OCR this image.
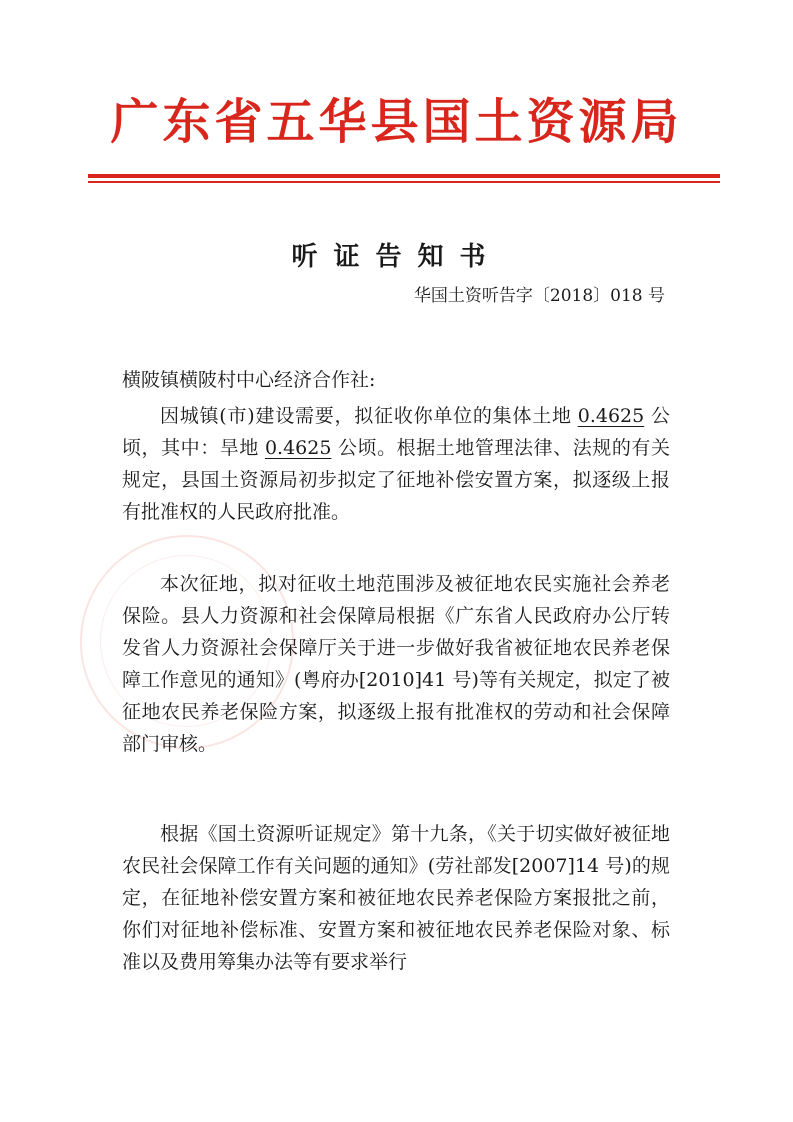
广东省五华县国土资源局
听证告知书
华国土资听告字〔2018〕018 号
横陂镇横陂村中心经济合作社:
因城镇(市)建设需要，拟征收你单位的集体土地 0.4625 公顷，其中：旱地 0.4625 公顷。根据土地管理法律、法规的有关规定，县国土资源局初步拟定了征地补偿安置方案，拟逐级上报有批准权的人民政府批准。
本次征地，拟对征收土地范围涉及被征地农民实施社会养老保险。县人力资源和社会保障局根据《广东省人民政府办公厅转发省人力资源社会保障厅关于进一步做好我省被征地农民养老保障工作意见的通知》(粤府办[2010]41 号)等有关规定，拟定了被征地农民养老保险方案，拟逐级上报有批准权的劳动和社会保障部门审核。
根据《国土资源听证规定》第十九条，《关于切实做好被征地农民社会保障工作有关问题的通知》(劳社部发[2007]14 号)的规定，在征地补偿安置方案和被征地农民养老保险方案报批之前，你们对征地补偿标准、安置方案和被征地农民养老保险对象、标准以及费用筹集办法等有要求举行
